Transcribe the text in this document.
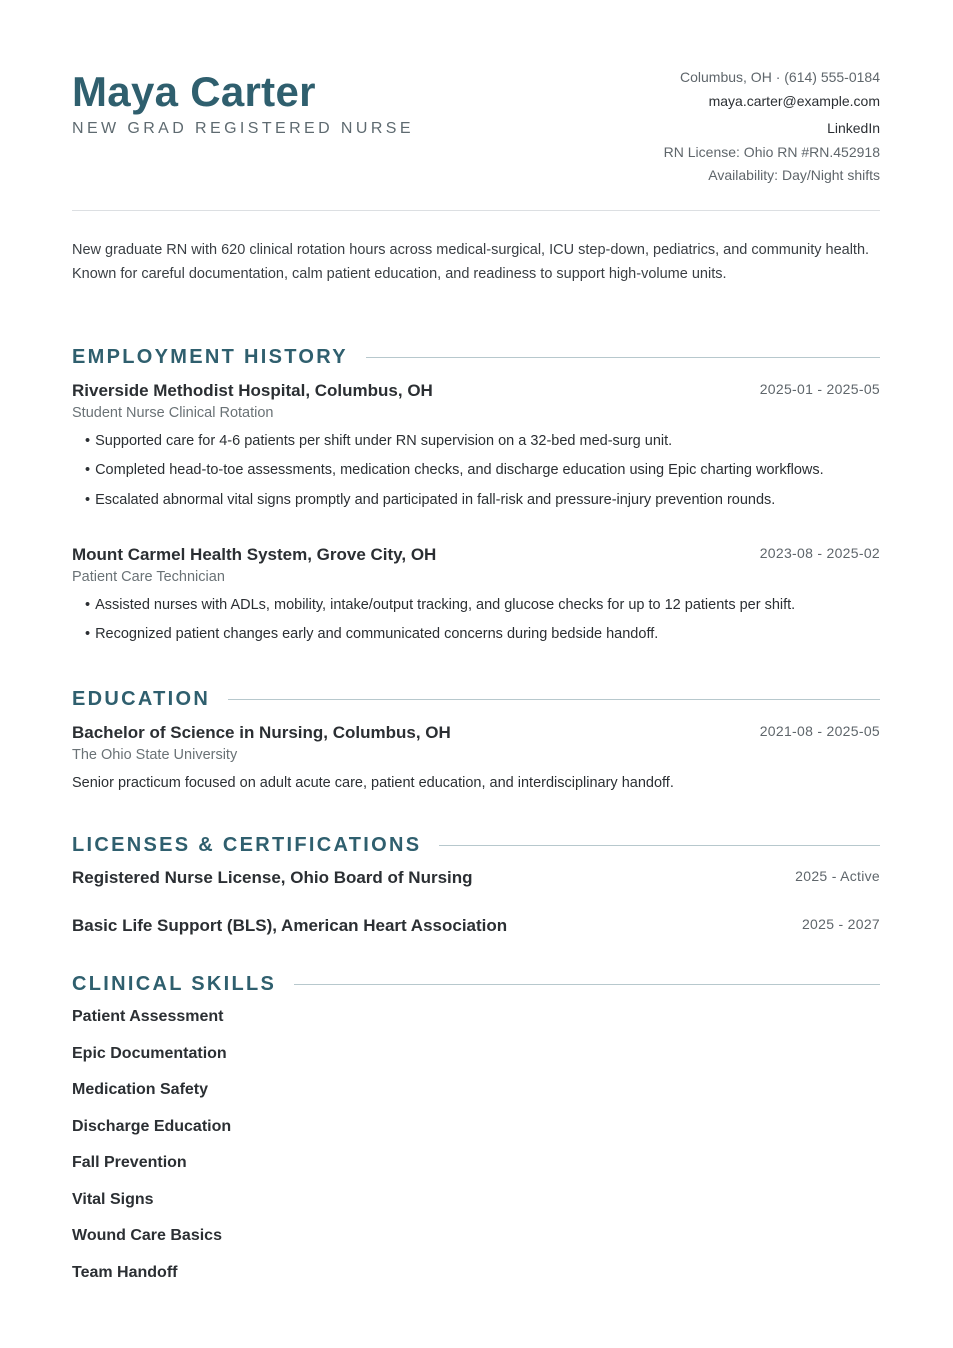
Maya Carter
NEW GRAD REGISTERED NURSE
Columbus, OH · (614) 555-0184
maya.carter@example.com
LinkedIn
RN License: Ohio RN #RN.452918
Availability: Day/Night shifts

New graduate RN with 620 clinical rotation hours across medical-surgical, ICU step-down, pediatrics, and community health. Known for careful documentation, calm patient education, and readiness to support high-volume units.

EMPLOYMENT HISTORY
Riverside Methodist Hospital, Columbus, OH	2025-01 - 2025-05
Student Nurse Clinical Rotation
• Supported care for 4-6 patients per shift under RN supervision on a 32-bed med-surg unit.
• Completed head-to-toe assessments, medication checks, and discharge education using Epic charting workflows.
• Escalated abnormal vital signs promptly and participated in fall-risk and pressure-injury prevention rounds.
Mount Carmel Health System, Grove City, OH	2023-08 - 2025-02
Patient Care Technician
• Assisted nurses with ADLs, mobility, intake/output tracking, and glucose checks for up to 12 patients per shift.
• Recognized patient changes early and communicated concerns during bedside handoff.
EDUCATION
Bachelor of Science in Nursing, Columbus, OH	2021-08 - 2025-05
The Ohio State University
Senior practicum focused on adult acute care, patient education, and interdisciplinary handoff.
LICENSES & CERTIFICATIONS
Registered Nurse License, Ohio Board of Nursing	2025 - Active
Basic Life Support (BLS), American Heart Association	2025 - 2027
CLINICAL SKILLS
Patient Assessment
Epic Documentation
Medication Safety
Discharge Education
Fall Prevention
Vital Signs
Wound Care Basics
Team Handoff
